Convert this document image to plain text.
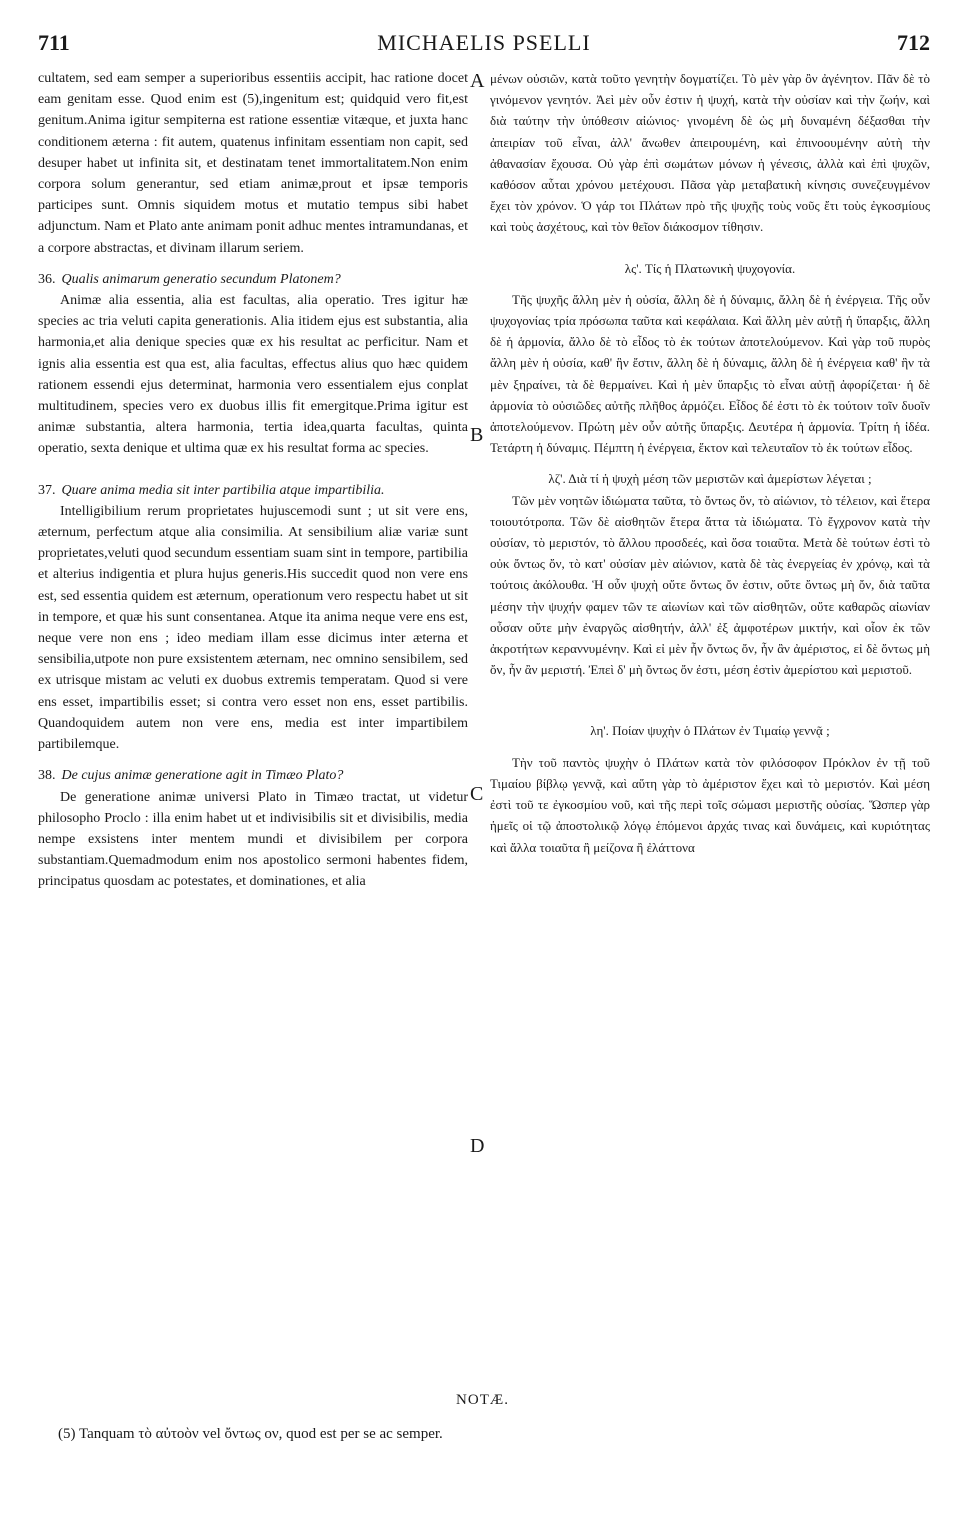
711	MICHAELIS PSELLI	712

cultatem, sed eam semper a superioribus essentiis accipit, hac ratione docet eam genitam esse. Quod enim est (5),ingenitum est; quidquid vero fit,est genitum.Anima igitur sempiterna est ratione essentiæ vitæque, et juxta hanc conditionem æterna : fit autem, quatenus infinitam essentiam non capit, sed desuper habet ut infinita sit, et destinatam tenet immortalitatem.Non enim corpora solum generantur, sed etiam animæ,prout et ipsæ temporis participes sunt. Omnis siquidem motus et mutatio tempus sibi habet adjunctum. Nam et Plato ante animam ponit adhuc mentes intramundanas, et a corpore abstractas, et divinam illarum seriem.

36. Qualis animarum generatio secundum Platonem?

Animæ alia essentia, alia est facultas, alia operatio. Tres igitur hæ species ac tria veluti capita generationis. Alia itidem ejus est substantia, alia harmonia,et alia denique species quæ ex his resultat ac perficitur. Nam et ignis alia essentia est qua est, alia facultas, effectus alius quo hæc quidem rationem essendi ejus determinat, harmonia vero essentialem ejus conplat multitudinem, species vero ex duobus illis fit emergitque.Prima igitur est animæ substantia, altera harmonia, tertia idea,quarta facultas, quinta operatio, sexta denique et ultima quæ ex his resultat forma ac species.

37. Quare anima media sit inter partibilia atque impartibilia.

Intelligibilium rerum proprietates hujuscemodi sunt ; ut sit vere ens, æternum, perfectum atque alia consimilia. At sensibilium aliæ variæ sunt proprietates,veluti quod secundum essentiam suam sint in tempore, partibilia et alterius indigentia et plura hujus generis.His succedit quod non vere ens est, sed essentia quidem est æternum, operationum vero respectu habet ut sit in tempore, et quæ his sunt consentanea. Atque ita anima neque vere ens est, neque vere non ens ; ideo mediam illam esse dicimus inter æterna et sensibilia,utpote non pure exsistentem æternam, nec omnino sensibilem, sed ex utrisque mistam ac veluti ex duobus extremis temperatam. Quod si vere ens esset, impartibilis esset; si contra vero esset non ens, esset partibilis. Quandoquidem autem non vere ens, media est inter impartibilem partibilemque.

38. De cujus animæ generatione agit in Timæo Plato?

De generatione animæ universi Plato in Timæo tractat, ut videtur philosopho Proclo : illa enim habet ut et indivisibilis sit et divisibilis, media nempe exsistens inter mentem mundi et divisibilem per corpora substantiam.Quemadmodum enim nos apostolico sermoni habentes fidem, principatus quosdam ac potestates, et dominationes, et alia

A
B
C
D

μένων οὐσιῶν, κατὰ τοῦτο γενητὴν δογματίζει. Τὸ μὲν γὰρ ὂν ἀγένητον. Πᾶν δὲ τὸ γινόμενον γενητόν. Ἀεὶ μὲν οὖν ἐστιν ἡ ψυχή, κατὰ τὴν οὐσίαν καὶ τὴν ζωήν, καὶ διὰ ταύτην τὴν ὑπόθεσιν αἰώνιος· γινομένη δὲ ὡς μὴ δυναμένη δέξασθαι τὴν ἀπειρίαν τοῦ εἶναι, ἀλλ' ἄνωθεν ἀπειρουμένη, καὶ ἐπινοουμένην αὐτὴ τὴν ἀθανασίαν ἔχουσα. Οὐ γὰρ ἐπὶ σωμάτων μόνων ἡ γένεσις, ἀλλὰ καὶ ἐπὶ ψυχῶν, καθόσον αὗται χρόνου μετέχουσι. Πᾶσα γὰρ μεταβατικὴ κίνησις συνεζευγμένον ἔχει τὸν χρόνον. Ὁ γάρ τοι Πλάτων πρὸ τῆς ψυχῆς τοὺς νοῦς ἔτι τοὺς ἐγκοσμίους καὶ τοὺς ἀσχέτους, καὶ τὸν θεῖον διάκοσμον τίθησιν.

λς'. Τίς ἡ Πλατωνικὴ ψυχογονία.

Τῆς ψυχῆς ἄλλη μὲν ἡ οὐσία, ἄλλη δὲ ἡ δύναμις, ἄλλη δὲ ἡ ἐνέργεια. Τῆς οὖν ψυχογονίας τρία πρόσωπα ταῦτα καὶ κεφάλαια. Καὶ ἄλλη μὲν αὐτῇ ἡ ὕπαρξις, ἄλλη δὲ ἡ ἁρμονία, ἄλλο δὲ τὸ εἶδος τὸ ἐκ τούτων ἀποτελούμενον. Καὶ γὰρ τοῦ πυρὸς ἄλλη μὲν ἡ οὐσία, καθ' ἣν ἔστιν, ἄλλη δὲ ἡ δύναμις, ἄλλη δὲ ἡ ἐνέργεια καθ' ἣν τὰ μὲν ξηραίνει, τὰ δὲ θερμαίνει. Καὶ ἡ μὲν ὕπαρξις τὸ εἶναι αὐτῇ ἀφορίζεται· ἡ δὲ ἁρμονία τὸ οὐσιῶδες αὐτῆς πλῆθος ἁρμόζει. Εἶδος δέ ἐστι τὸ ἐκ τούτοιν τοῖν δυοῖν ἀποτελούμενον. Πρώτη μὲν οὖν αὐτῆς ὕπαρξις. Δευτέρα ἡ ἁρμονία. Τρίτη ἡ ἰδέα. Τετάρτη ἡ δύναμις. Πέμπτη ἡ ἐνέργεια, ἕκτον καὶ τελευταῖον τὸ ἐκ τούτων εἶδος.

λζ'. Διὰ τί ἡ ψυχὴ μέση τῶν μεριστῶν καὶ ἀμερίστων λέγεται ;

Τῶν μὲν νοητῶν ἰδιώματα ταῦτα, τὸ ὄντως ὄν, τὸ αἰώνιον, τὸ τέλειον, καὶ ἕτερα τοιουτότροπα. Τῶν δὲ αἰσθητῶν ἕτερα ἅττα τὰ ἰδιώματα. Τὸ ἔγχρονον κατὰ τὴν οὐσίαν, τὸ μεριστόν, τὸ ἄλλου προσδεές, καὶ ὅσα τοιαῦτα. Μετὰ δὲ τούτων ἐστὶ τὸ οὐκ ὄντως ὄν, τὸ κατ' οὐσίαν μὲν αἰώνιον, κατὰ δὲ τὰς ἐνεργείας ἐν χρόνῳ, καὶ τὰ τούτοις ἀκόλουθα. Ἡ οὖν ψυχὴ οὔτε ὄντως ὄν ἐστιν, οὔτε ὄντως μὴ ὄν, διὰ ταῦτα μέσην τὴν ψυχήν φαμεν τῶν τε αἰωνίων καὶ τῶν αἰσθητῶν, οὔτε καθαρῶς αἰωνίαν οὖσαν οὔτε μὴν ἐναργῶς αἰσθητήν, ἀλλ' ἐξ ἀμφοτέρων μικτήν, καὶ οἷον ἐκ τῶν ἀκροτήτων κεραννυμένην. Καὶ εἰ μὲν ἦν ὄντως ὄν, ἦν ἂν ἀμέριστος, εἰ δὲ ὄντως μὴ ὄν, ἦν ἂν μεριστή. Ἐπεὶ δ' μὴ ὄντως ὄν ἐστι, μέση ἐστὶν ἀμερίστου καὶ μεριστοῦ.

λη'. Ποίαν ψυχὴν ὁ Πλάτων ἐν Τιμαίῳ γεννᾷ ;

Τὴν τοῦ παντὸς ψυχὴν ὁ Πλάτων κατὰ τὸν φιλόσοφον Πρόκλον ἐν τῇ τοῦ Τιμαίου βίβλῳ γεννᾷ, καὶ αὕτη γὰρ τὸ ἀμέριστον ἔχει καὶ τὸ μεριστόν. Καὶ μέση ἐστὶ τοῦ τε ἐγκοσμίου νοῦ, καὶ τῆς περὶ τοῖς σώμασι μεριστῆς οὐσίας. Ὥσπερ γὰρ ἡμεῖς οἱ τῷ ἀποστολικῷ λόγῳ ἑπόμενοι ἀρχάς τινας καὶ δυνάμεις, καὶ κυριότητας καὶ ἄλλα τοιαῦτα ἢ μείζονα ἢ ἐλάττονα

NOTÆ.
(5) Tanquam τὸ αὐτοὸν vel ὄντως ον, quod est per se ac semper.
